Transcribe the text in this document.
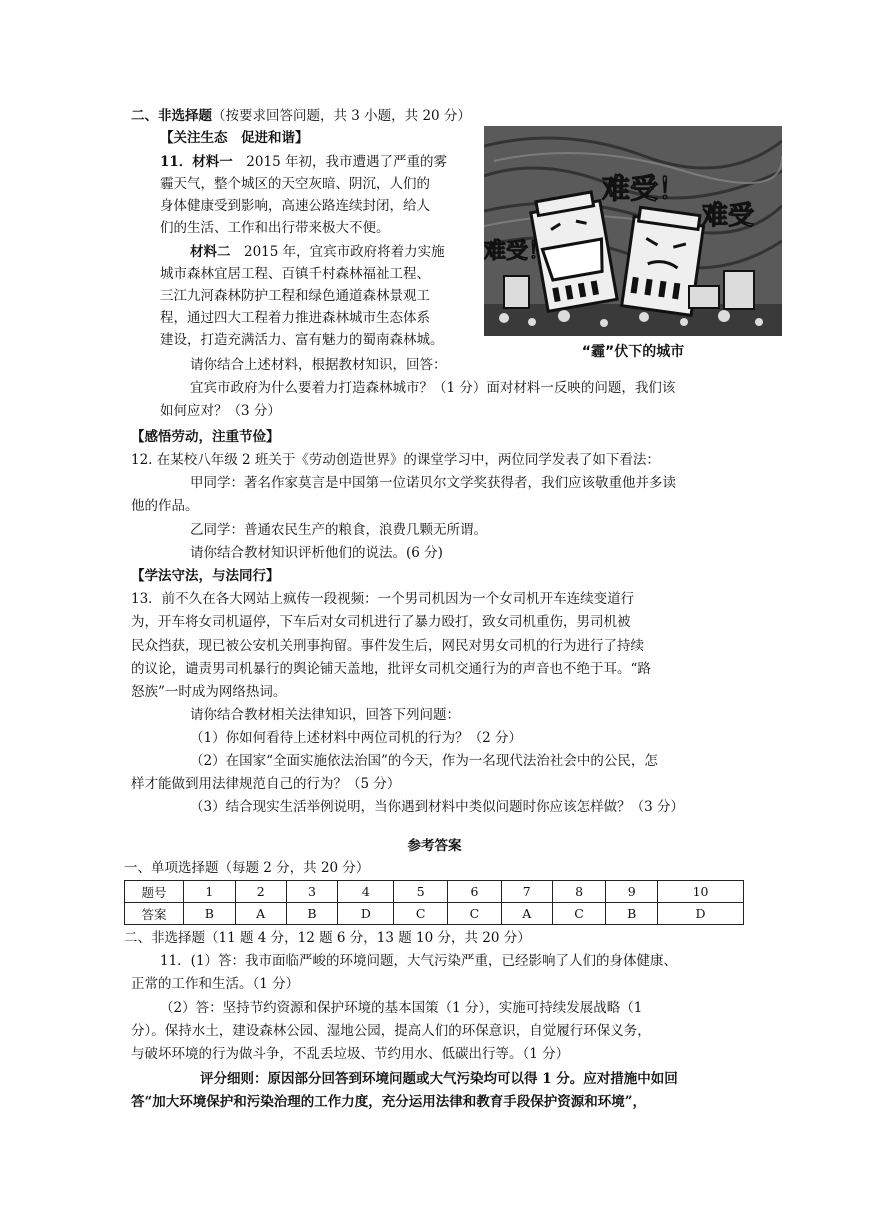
二、非选择题（按要求回答问题，共 3 小题，共 20 分）
【关注生态　促进和谐】
11．材料一　2015 年初，我市遭遇了严重的雾
霾天气，整个城区的天空灰暗、阴沉，人们的
身体健康受到影响，高速公路连续封闭，给人
们的生活、工作和出行带来极大不便。
材料二　2015 年，宜宾市政府将着力实施
城市森林宜居工程、百镇千村森林福祉工程、
三江九河森林防护工程和绿色通道森林景观工
程，通过四大工程着力推进森林城市生态体系
建设，打造充满活力、富有魅力的蜀南森林城。
请你结合上述材料，根据教材知识，回答：
宜宾市政府为什么要着力打造森林城市？（1 分）面对材料一反映的问题，我们该
如何应对？（3 分）
难受！
难受！
难受
“霾”伏下的城市
【感悟劳动，注重节俭】
12. 在某校八年级 2 班关于《劳动创造世界》的课堂学习中，两位同学发表了如下看法：
甲同学：著名作家莫言是中国第一位诺贝尔文学奖获得者，我们应该敬重他并多读
他的作品。
乙同学：普通农民生产的粮食，浪费几颗无所谓。
请你结合教材知识评析他们的说法。(6 分)
【学法守法，与法同行】
13．前不久在各大网站上疯传一段视频：一个男司机因为一个女司机开车连续变道行
为，开车将女司机逼停，下车后对女司机进行了暴力殴打，致女司机重伤，男司机被
民众挡获，现已被公安机关刑事拘留。事件发生后，网民对男女司机的行为进行了持续
的议论，谴责男司机暴行的舆论铺天盖地，批评女司机交通行为的声音也不绝于耳。“路
怒族”一时成为网络热词。
请你结合教材相关法律知识，回答下列问题：
（1）你如何看待上述材料中两位司机的行为？（2 分）
（2）在国家“全面实施依法治国”的今天，作为一名现代法治社会中的公民，怎
样才能做到用法律规范自己的行为？（5 分）
（3）结合现实生活举例说明，当你遇到材料中类似问题时你应该怎样做？（3 分）
参考答案
一、单项选择题（每题 2 分，共 20 分）
题号	1	2	3	4	5	6	7	8	9	10
答案	B	A	B	D	C	C	A	C	B	D
二、非选择题（11 题 4 分，12 题 6 分，13 题 10 分，共 20 分）
11．(1）答：我市面临严峻的环境问题，大气污染严重，已经影响了人们的身体健康、
正常的工作和生活。（1 分）
（2）答：坚持节约资源和保护环境的基本国策（1 分），实施可持续发展战略（1
分）。保持水土，建设森林公园、湿地公园，提高人们的环保意识，自觉履行环保义务，
与破坏环境的行为做斗争，不乱丢垃圾、节约用水、低碳出行等。（1 分）
评分细则：原因部分回答到环境问题或大气污染均可以得 1 分。应对措施中如回
答“加大环境保护和污染治理的工作力度，充分运用法律和教育手段保护资源和环境”，
